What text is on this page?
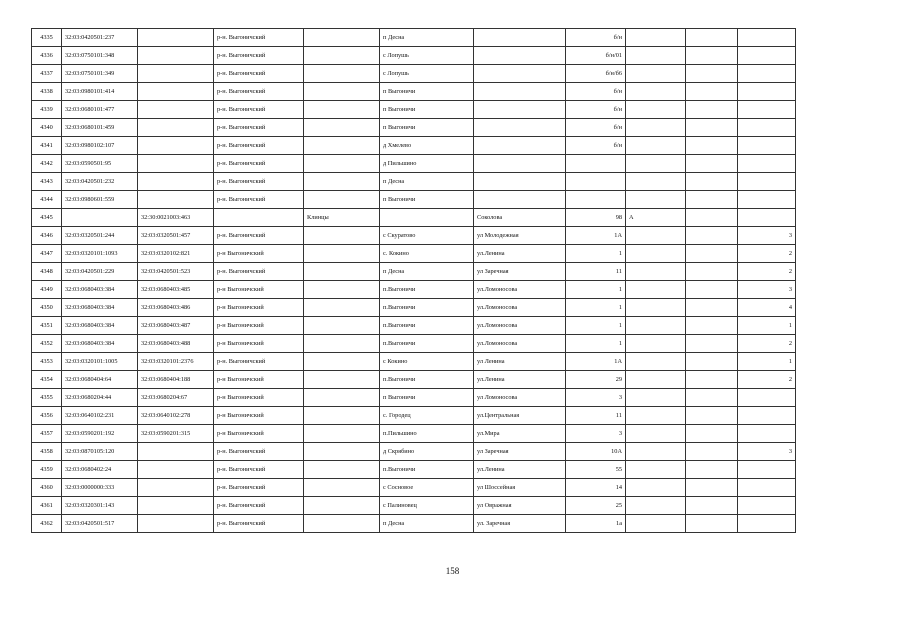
4335	32:03:0420501:237		р-н. Выгоничский		п Десна		б/н			
4336	32:03:0750101:348		р-н. Выгоничский		с Лопушь		б/н/01			
4337	32:03:0750101:349		р-н. Выгоничский		с Лопушь		б/н/б6			
4338	32:03:0980101:414		р-н. Выгоничский		п Выгоничи		б/н			
4339	32:03:0680101:477		р-н. Выгоничский		п Выгоничи		б/н			
4340	32:03:0680101:459		р-н. Выгоничский		п Выгоничи		б/н			
4341	32:03:0980102:107		р-н. Выгоничский		д Хмелево		б/н			
4342	32:03:0590501:95		р-н. Выгоничский		д Пильшино					
4343	32:03:0420501:232		р-н. Выгоничский		п Десна					
4344	32:03:0980601:559		р-н. Выгоничский		п Выгоничи					
4345		32:30:0021003:463		Клинцы		Соколова	98	А		
4346	32:03:0320501:244	32:03:0320501:457	р-н. Выгоничский		с Скуратово	ул Молодежная	1А			3
4347	32:03:0320101:1093	32:03:0320102:821	р-н Выгоничский		с. Кокино	ул.Ленина	1			2
4348	32:03:0420501:229	32:03:0420501:523	р-н. Выгоничский		п Десна	ул Заречная	11			2
4349	32:03:0680403:384	32:03:0680403:485	р-н Выгоничский		п.Выгоничи	ул.Ломоносова	1			3
4350	32:03:0680403:384	32:03:0680403:486	р-н Выгоничский		п.Выгоничи	ул.Ломоносова	1			4
4351	32:03:0680403:384	32:03:0680403:487	р-н Выгоничский		п.Выгоничи	ул.Ломоносова	1			1
4352	32:03:0680403:384	32:03:0680403:488	р-н Выгоничский		п.Выгоничи	ул.Ломоносова	1			2
4353	32:03:0320101:1005	32:03:0320101:2376	р-н. Выгоничский		с Кокино	ул Ленина	1А			1
4354	32:03:0680404:64	32:03:0680404:188	р-н Выгоничский		п.Выгоничи	ул.Ленина	29			2
4355	32:03:0680204:44	32:03:0680204:67	р-н Выгоничский		п Выгоничи	ул Ломоносова	3			
4356	32:03:0640102:231	32:03:0640102:278	р-н Выгоничский		с. Городец	ул.Центральная	11			
4357	32:03:0590201:192	32:03:0590201:315	р-н Выгоничский		п.Пильшино	ул.Мира	3			
4358	32:03:0870105:120		р-н. Выгоничский		д Скрябино	ул Заречная	10А			3
4359	32:03:0680402:24		р-н. Выгоничский		п.Выгоничи	ул.Ленина	55			
4360	32:03:0000000:333		р-н. Выгоничский		с Сосновое	ул Шоссейная	14			
4361	32:03:0320301:143		р-н. Выгоничский		с Палиновец	ул Овражная	25			
4362	32:03:0420501:517		р-н. Выгоничский		п Десна	ул. Заречная	1а			
158
